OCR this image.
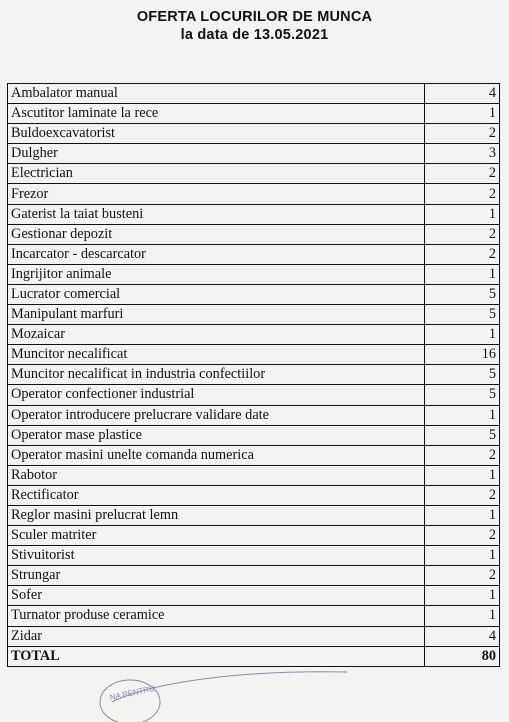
OFERTA LOCURILOR DE MUNCA
la data de 13.05.2021
Ambalator manual	4
Ascutitor laminate la rece	1
Buldoexcavatorist	2
Dulgher	3
Electrician	2
Frezor	2
Gaterist la taiat busteni	1
Gestionar depozit	2
Incarcator - descarcator	2
Ingrijitor animale	1
Lucrator comercial	5
Manipulant marfuri	5
Mozaicar	1
Muncitor necalificat	16
Muncitor necalificat in industria confectiilor	5
Operator confectioner industrial	5
Operator introducere prelucrare validare date	1
Operator mase plastice	5
Operator masini unelte comanda numerica	2
Rabotor	1
Rectificator	2
Reglor masini prelucrat lemn	1
Sculer matriter	2
Stivuitorist	1
Strungar	2
Sofer	1
Turnator produse ceramice	1
Zidar	4
TOTAL	80
NA PENTRU
